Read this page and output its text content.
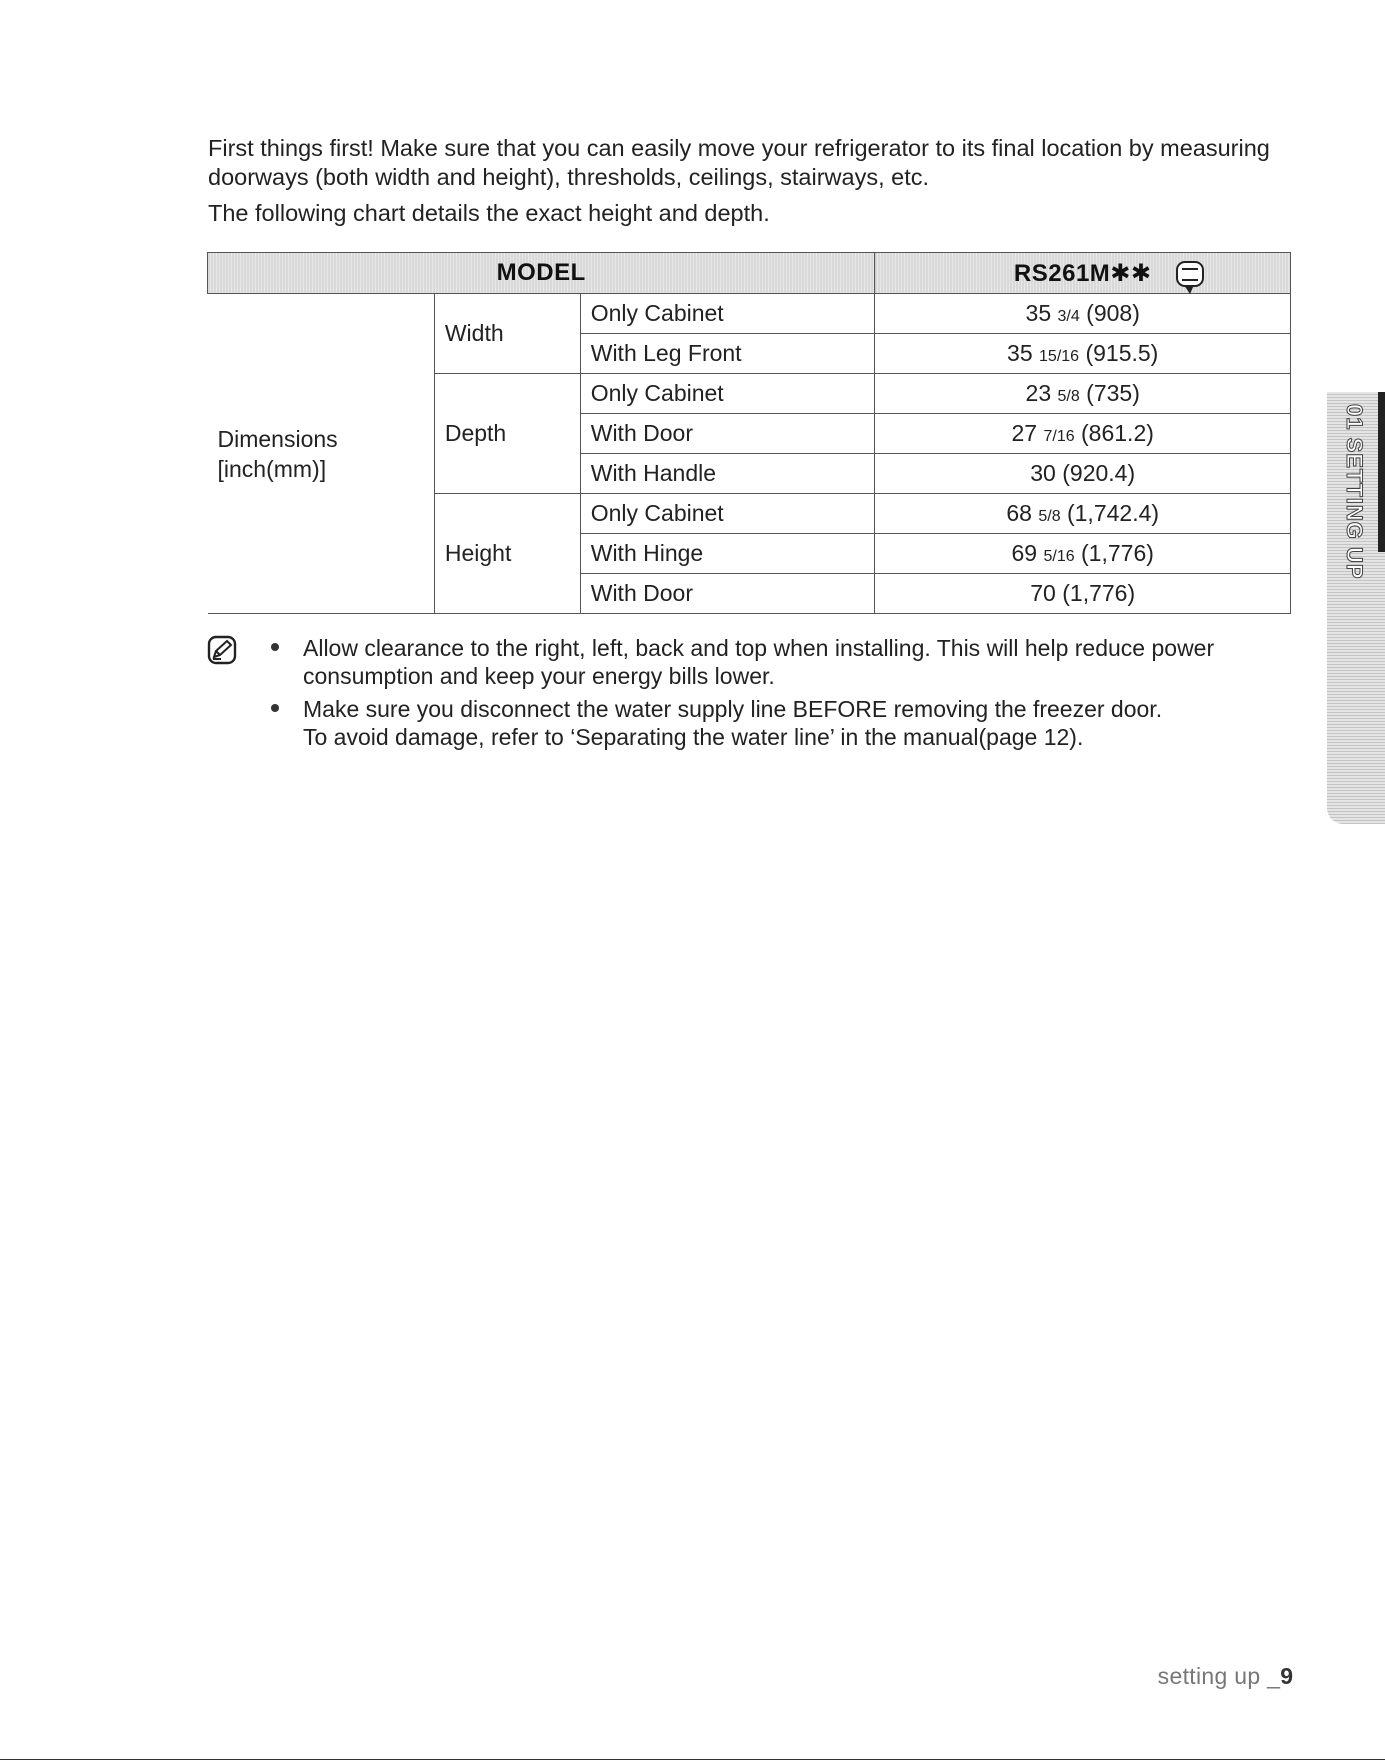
First things first! Make sure that you can easily move your refrigerator to its final location by measuring
doorways (both width and height), thresholds, ceilings, stairways, etc.

The following chart details the exact height and depth.

MODEL			RS261M✱✱

Dimensions
[inch(mm)]	Width	Only Cabinet	35 3/4 (908)
		With Leg Front	35 15/16 (915.5)
	Depth	Only Cabinet	23 5/8 (735)
		With Door	27 7/16 (861.2)
		With Handle	30 (920.4)
	Height	Only Cabinet	68 5/8 (1,742.4)
		With Hinge	69 5/16 (1,776)
		With Door	70 (1,776)
Allow clearance to the right, left, back and top when installing. This will help reduce power
consumption and keep your energy bills lower.
Make sure you disconnect the water supply line BEFORE removing the freezer door.
To avoid damage, refer to ‘Separating the water line’ in the manual(page 12).
01 SETTING UP
setting up _9
